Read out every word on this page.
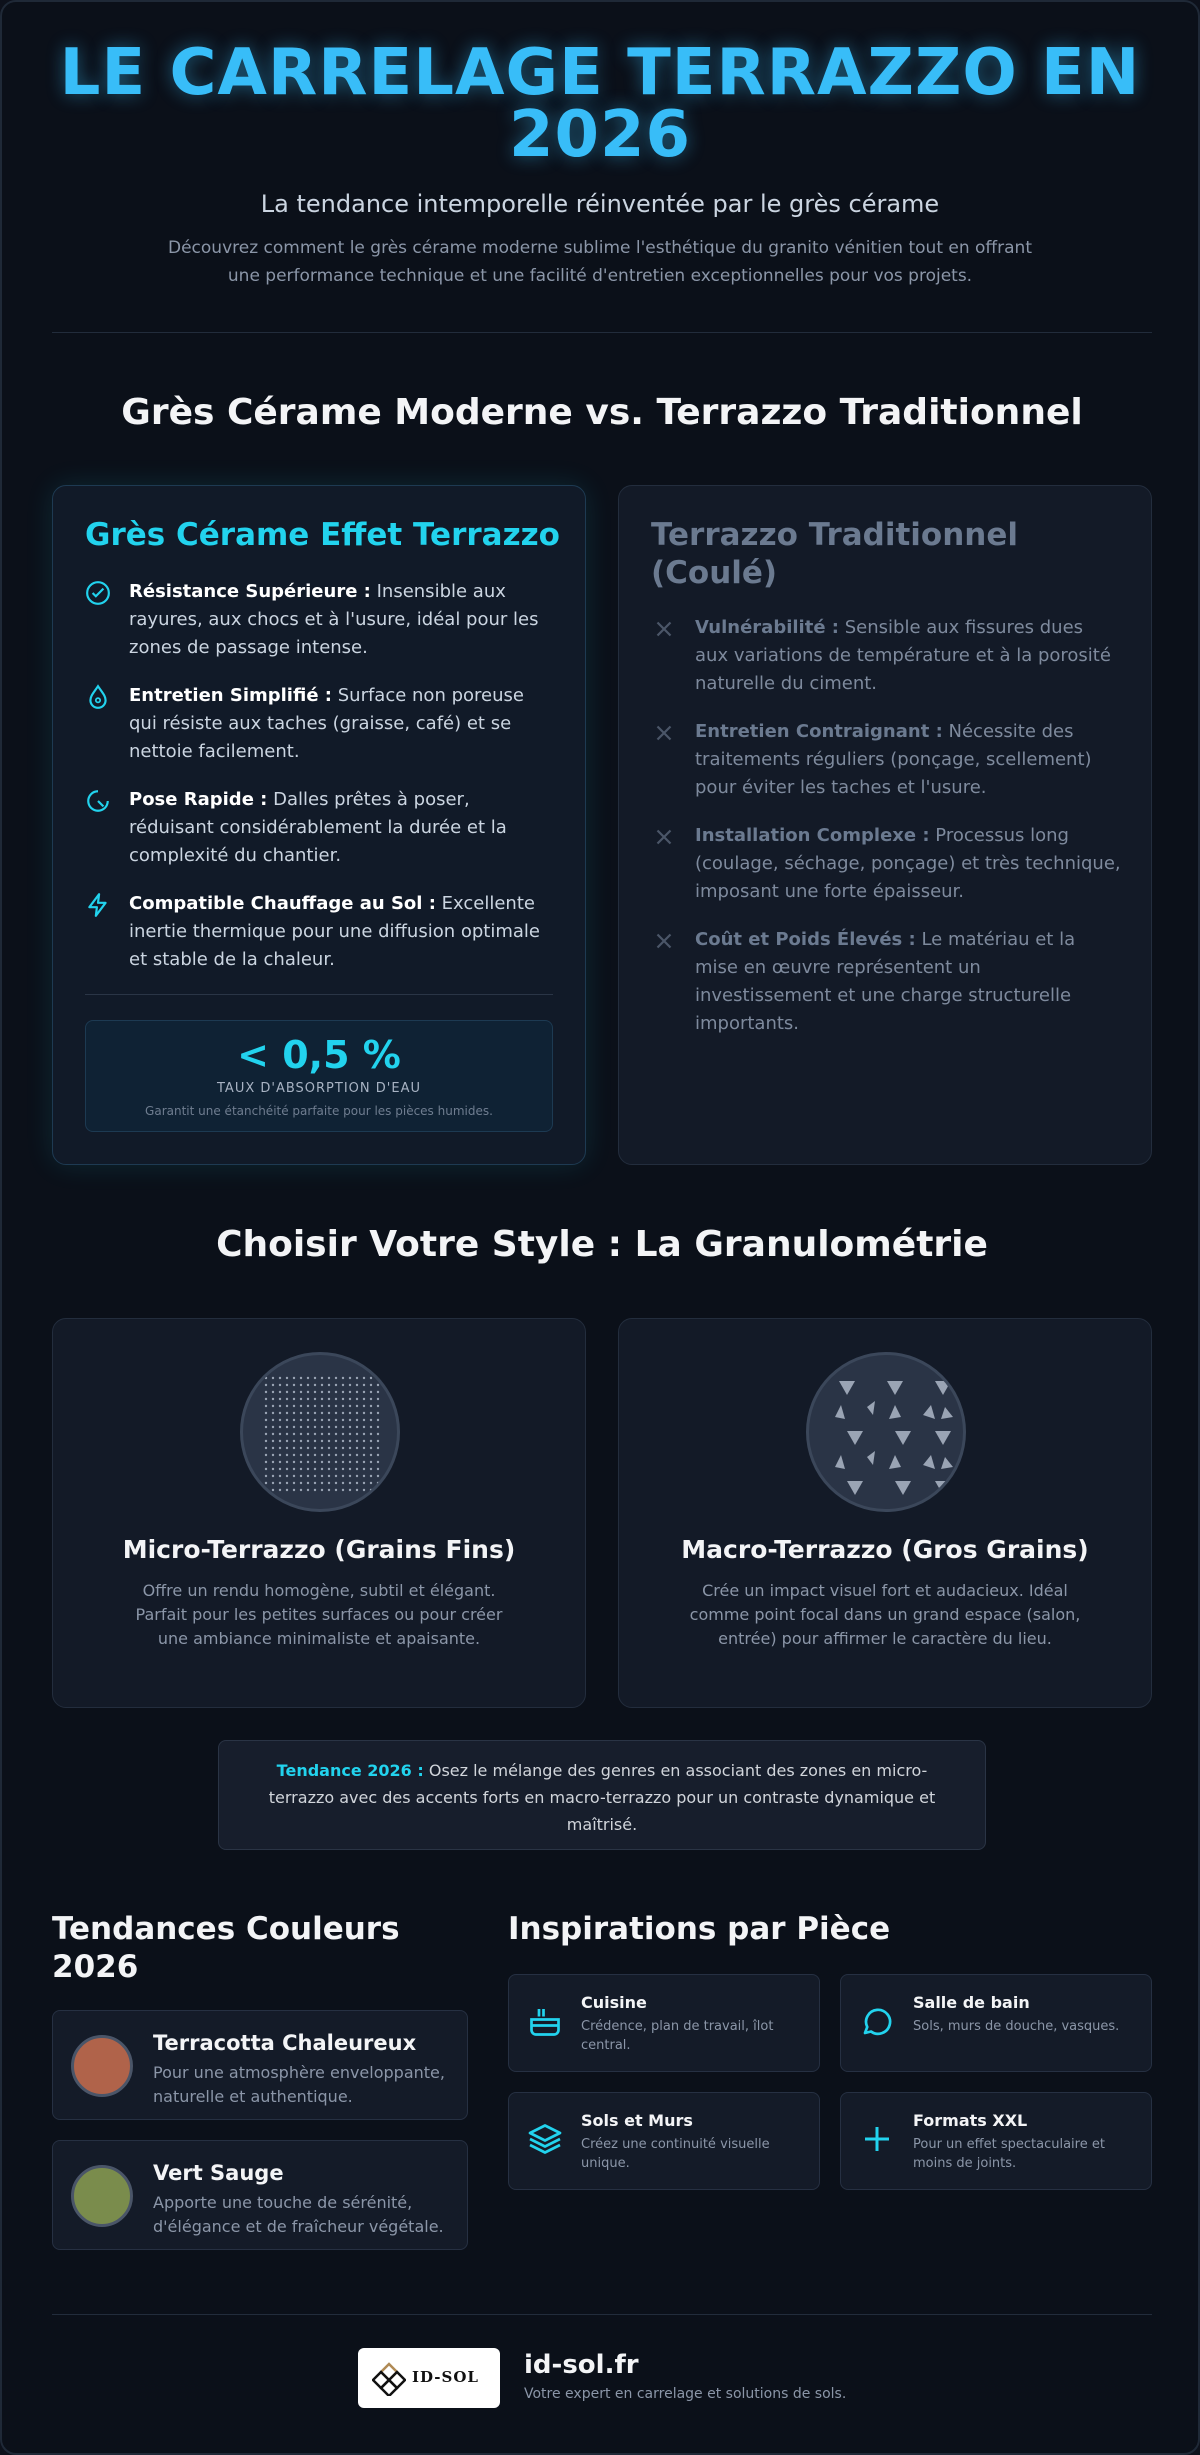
LE CARRELAGE TERRAZZO EN 2026
La tendance intemporelle réinventée par le grès cérame

Découvrez comment le grès cérame moderne sublime l'esthétique du granito vénitien tout en offrant une performance technique et une facilité d'entretien exceptionnelles pour vos projets.

Grès Cérame Moderne vs. Terrazzo Traditionnel
Grès Cérame Effet Terrazzo
Résistance Supérieure : Insensible aux rayures, aux chocs et à l'usure, idéal pour les zones de passage intense.
Entretien Simplifié : Surface non poreuse qui résiste aux taches (graisse, café) et se nettoie facilement.
Pose Rapide : Dalles prêtes à poser, réduisant considérablement la durée et la complexité du chantier.
Compatible Chauffage au Sol : Excellente inertie thermique pour une diffusion optimale et stable de la chaleur.
< 0,5 %
TAUX D'ABSORPTION D'EAU
Garantit une étanchéité parfaite pour les pièces humides.
Terrazzo Traditionnel (Coulé)
Vulnérabilité : Sensible aux fissures dues aux variations de température et à la porosité naturelle du ciment.
Entretien Contraignant : Nécessite des traitements réguliers (ponçage, scellement) pour éviter les taches et l'usure.
Installation Complexe : Processus long (coulage, séchage, ponçage) et très technique, imposant une forte épaisseur.
Coût et Poids Élevés : Le matériau et la mise en œuvre représentent un investissement et une charge structurelle importants.
Choisir Votre Style : La Granulométrie
Micro-Terrazzo (Grains Fins)
Offre un rendu homogène, subtil et élégant. Parfait pour les petites surfaces ou pour créer une ambiance minimaliste et apaisante.
Macro-Terrazzo (Gros Grains)
Crée un impact visuel fort et audacieux. Idéal comme point focal dans un grand espace (salon, entrée) pour affirmer le caractère du lieu.
Tendance 2026 : Osez le mélange des genres en associant des zones en micro-terrazzo avec des accents forts en macro-terrazzo pour un contraste dynamique et maîtrisé.
Tendances Couleurs 2026
Terracotta Chaleureux
Pour une atmosphère enveloppante, naturelle et authentique.
Vert Sauge
Apporte une touche de sérénité, d'élégance et de fraîcheur végétale.
Inspirations par Pièce
Cuisine
Crédence, plan de travail, îlot central.
Salle de bain
Sols, murs de douche, vasques.
Sols et Murs
Créez une continuité visuelle unique.
Formats XXL
Pour un effet spectaculaire et moins de joints.
ID-SOL id-sol.fr
Votre expert en carrelage et solutions de sols.
